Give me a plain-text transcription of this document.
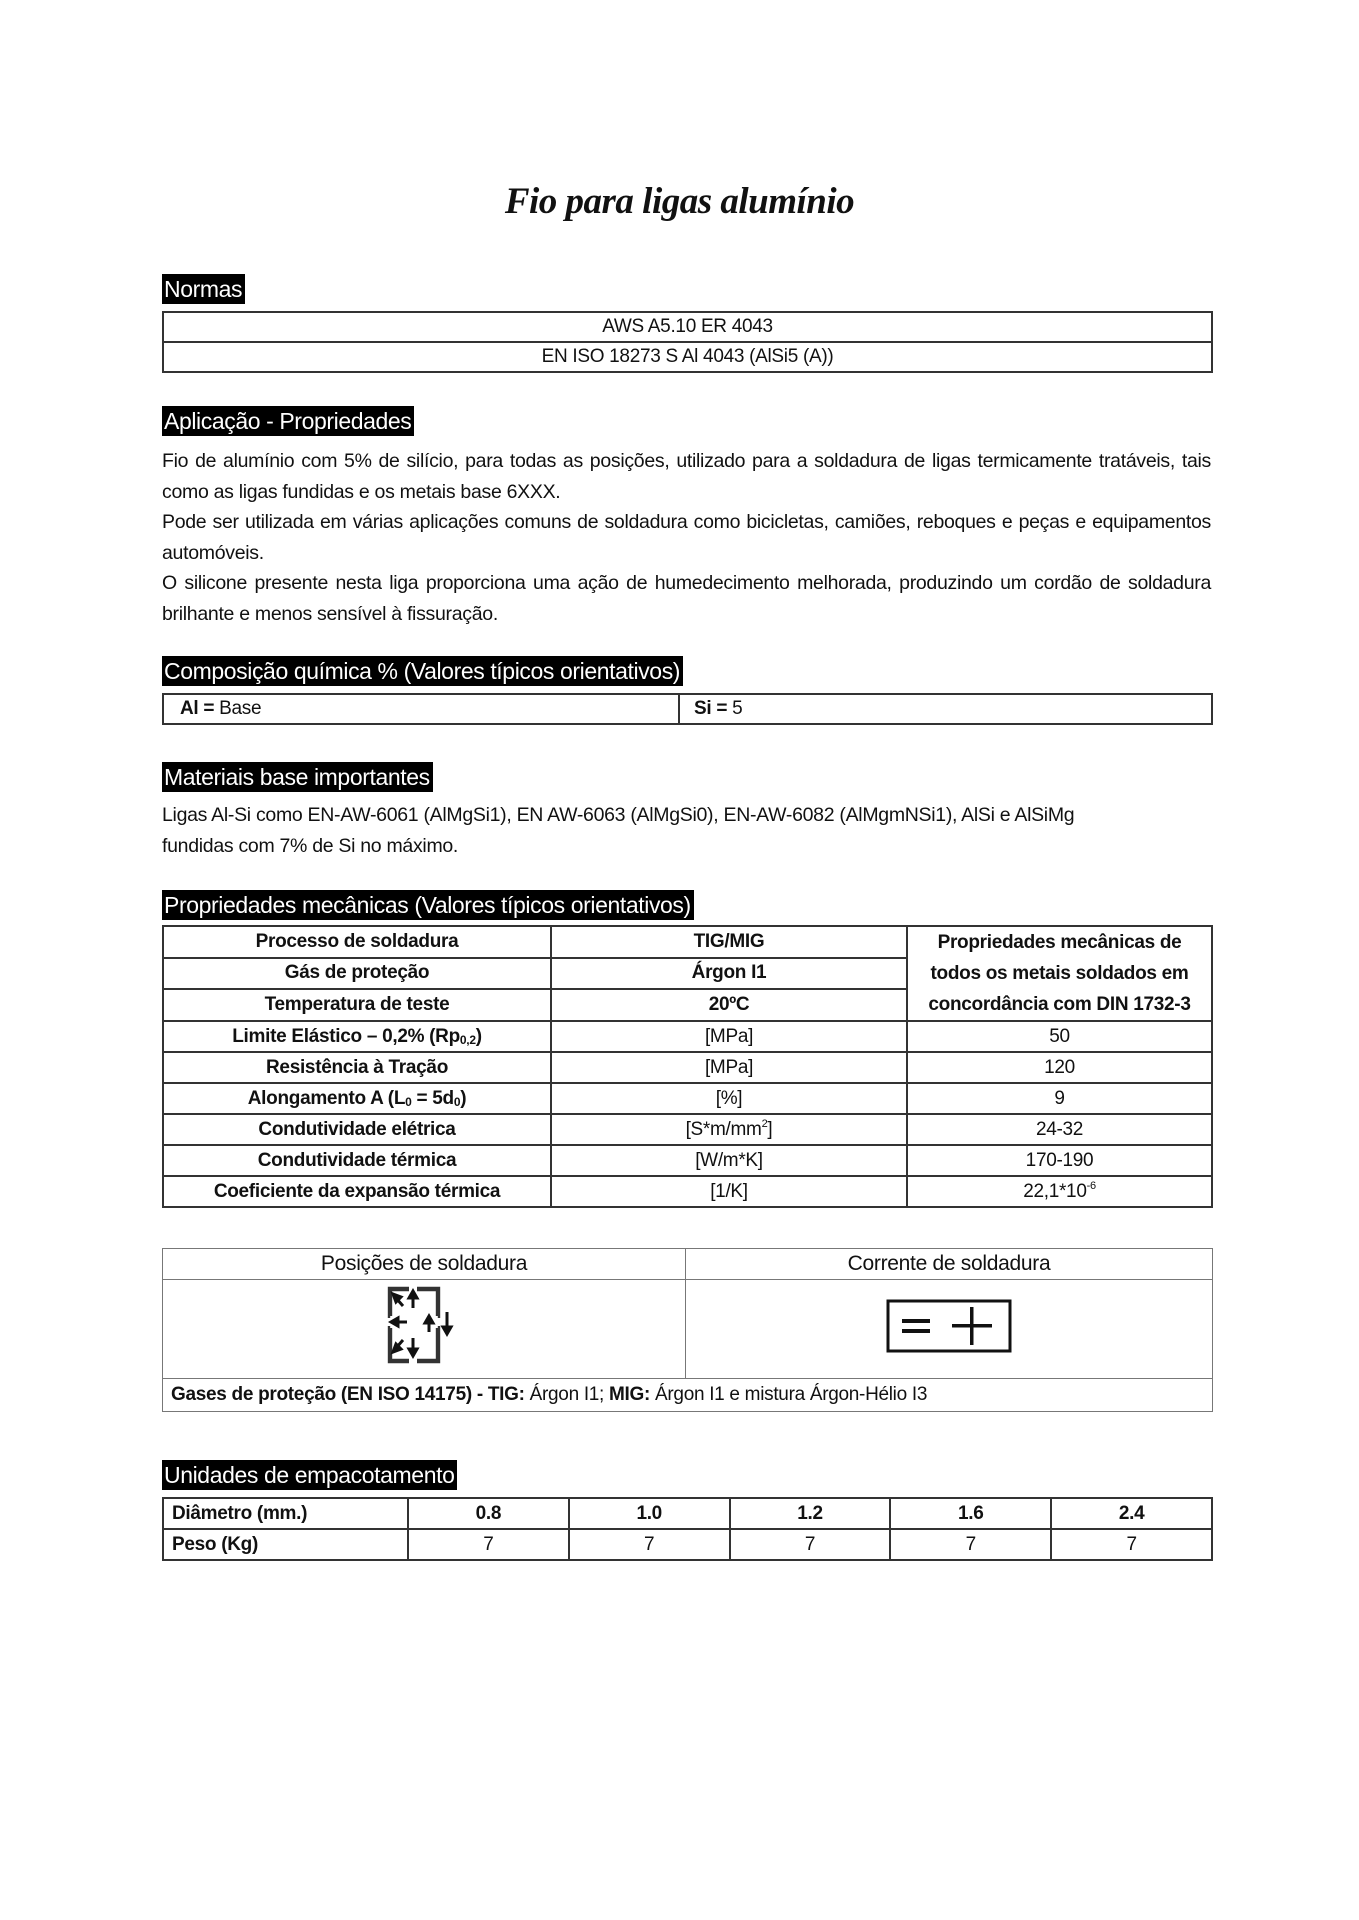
Fio para ligas alumínio
Normas
AWS A5.10 ER 4043
EN ISO 18273 S Al 4043 (AlSi5 (A))
Aplicação - Propriedades

Fio de alumínio com 5% de silício, para todas as posições, utilizado para a soldadura de ligas termicamente tratáveis, tais como as ligas fundidas e os metais base 6XXX.

Pode ser utilizada em várias aplicações comuns de soldadura como bicicletas, camiões, reboques e peças e equipamentos automóveis.

O silicone presente nesta liga proporciona uma ação de humedecimento melhorada, produzindo um cordão de soldadura brilhante e menos sensível à fissuração.

Composição química % (Valores típicos orientativos)
Al = Base	Si = 5
Materiais base importantes
Ligas Al-Si como EN-AW-6061 (AlMgSi1), EN AW-6063 (AlMgSi0), EN-AW-6082 (AlMgmNSi1), AlSi e AlSiMg fundidas com 7% de Si no máximo.
Propriedades mecânicas (Valores típicos orientativos)
Processo de soldadura	TIG/MIG	Propriedades mecânicas de todos os metais soldados em concordância com DIN 1732-3
Gás de proteção	Árgon I1	
Temperatura de teste	20ºC	
Limite Elástico – 0,2% $(Rp_{0,2})$	[MPa]	50
Resistência à Tração	[MPa]	120
Alongamento A $(L_0 = 5d_0)$	[%]	9
Condutividade elétrica	$[S*m/mm^2]$	24-32
Condutividade térmica	[W/m*K]	170-190
Coeficiente da expansão térmica	[1/K]	$22,1*10^{-6}$
Posições de soldadura	Corrente de soldadura

Gases de proteção (EN ISO 14175) - TIG: Árgon I1; MIG: Árgon I1 e mistura Árgon-Hélio I3	
Unidades de empacotamento
Diâmetro (mm.)	0.8	1.0	1.2	1.6	2.4
Peso (Kg)	7	7	7	7	7
